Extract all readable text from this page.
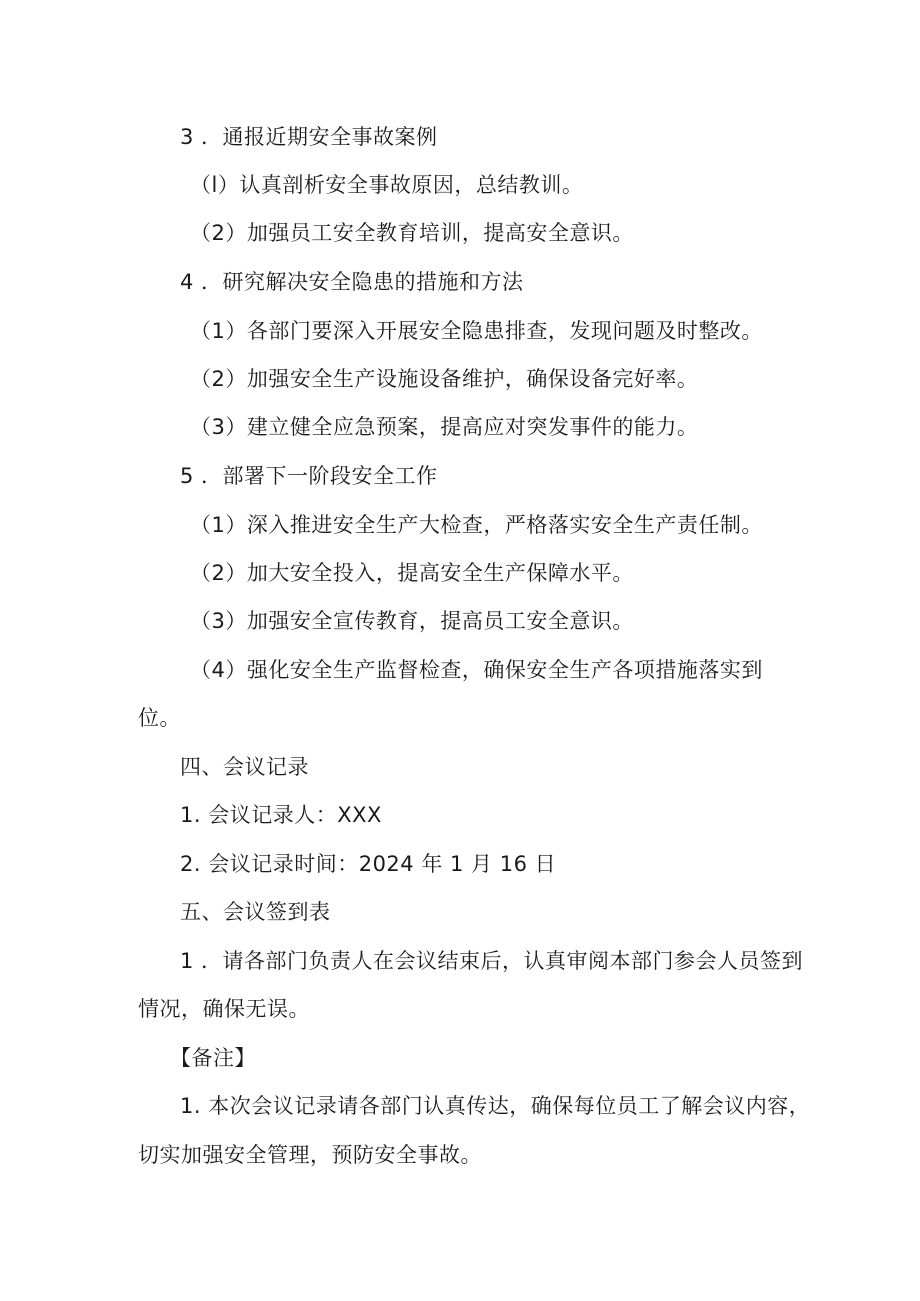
3 ．通报近期安全事故案例
（l）认真剖析安全事故原因，总结教训。
（2）加强员工安全教育培训，提高安全意识。
4 ．研究解决安全隐患的措施和方法
（1）各部门要深入开展安全隐患排查，发现问题及时整改。
（2）加强安全生产设施设备维护，确保设备完好率。
（3）建立健全应急预案，提高应对突发事件的能力。
5 ．部署下一阶段安全工作
（1）深入推进安全生产大检查，严格落实安全生产责任制。
（2）加大安全投入，提高安全生产保障水平。
（3）加强安全宣传教育，提高员工安全意识。
（4）强化安全生产监督检查，确保安全生产各项措施落实到
位。
四、会议记录
1. 会议记录人：XXX
2. 会议记录时间：2024 年 1 月 16 日
五、会议签到表
1 ．请各部门负责人在会议结束后，认真审阅本部门参会人员签到
情况，确保无误。
【备注】
1. 本次会议记录请各部门认真传达，确保每位员工了解会议内容，
切实加强安全管理，预防安全事故。
